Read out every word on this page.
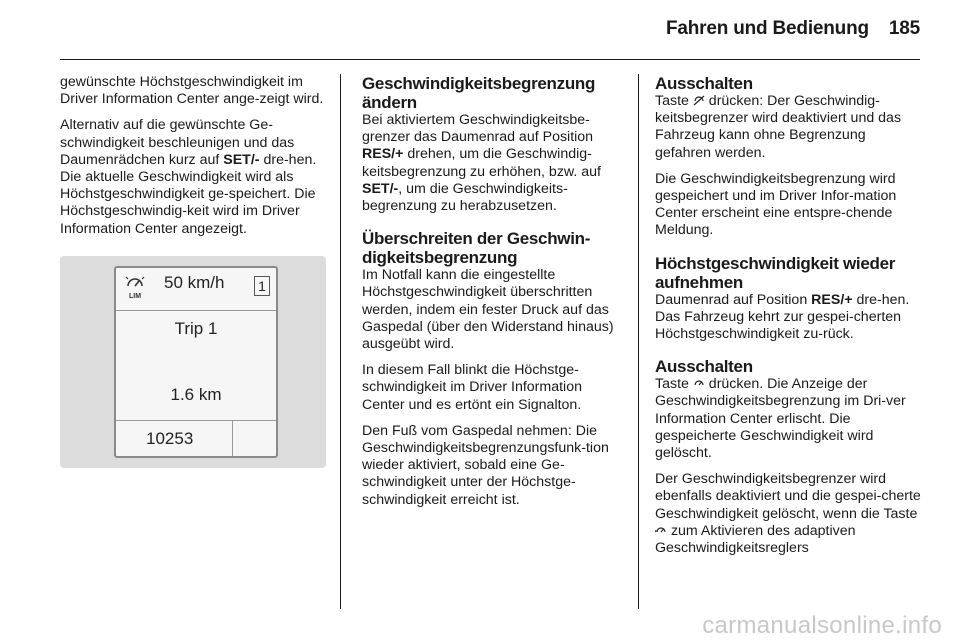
Fahren und Bedienung 185

gewünschte Höchstgeschwindigkeit im Driver Information Center ange‐zeigt wird.

Alternativ auf die gewünschte Ge‐schwindigkeit beschleunigen und das Daumenrädchen kurz auf SET/- dre‐hen. Die aktuelle Geschwindigkeit wird als Höchstgeschwindigkeit ge‐speichert. Die Höchstgeschwindig‐keit wird im Driver Information Center angezeigt.

LIM
50 km/h 1
Trip 1
1.6 km
10253
Geschwindigkeitsbegrenzung ändern

Bei aktiviertem Geschwindigkeitsbe‐grenzer das Daumenrad auf Position RES/+ drehen, um die Geschwindig‐keitsbegrenzung zu erhöhen, bzw. auf SET/-, um die Geschwindigkeits‐begrenzung zu herabzusetzen.

Überschreiten der Geschwin‐digkeitsbegrenzung

Im Notfall kann die eingestellte Höchstgeschwindigkeit überschritten werden, indem ein fester Druck auf das Gaspedal (über den Widerstand hinaus) ausgeübt wird.

In diesem Fall blinkt die Höchstge‐schwindigkeit im Driver Information Center und es ertönt ein Signalton.

Den Fuß vom Gaspedal nehmen: Die Geschwindigkeitsbegrenzungsfunk‐tion wieder aktiviert, sobald eine Ge‐schwindigkeit unter der Höchstge‐schwindigkeit erreicht ist.

Ausschalten

Taste  drücken: Der Geschwindig‐keitsbegrenzer wird deaktiviert und das Fahrzeug kann ohne Begrenzung gefahren werden.

Die Geschwindigkeitsbegrenzung wird gespeichert und im Driver Infor‐mation Center erscheint eine entspre‐chende Meldung.

Höchstgeschwindigkeit wieder aufnehmen

Daumenrad auf Position RES/+ dre‐hen. Das Fahrzeug kehrt zur gespei‐cherten Höchstgeschwindigkeit zu‐rück.

Ausschalten

Taste  drücken. Die Anzeige der Geschwindigkeitsbegrenzung im Dri‐ver Information Center erlischt. Die gespeicherte Geschwindigkeit wird gelöscht.

Der Geschwindigkeitsbegrenzer wird ebenfalls deaktiviert und die gespei‐cherte Geschwindigkeit gelöscht, wenn die Taste  zum Aktivieren des adaptiven Geschwindigkeitsreglers

carmanualsonline.info
